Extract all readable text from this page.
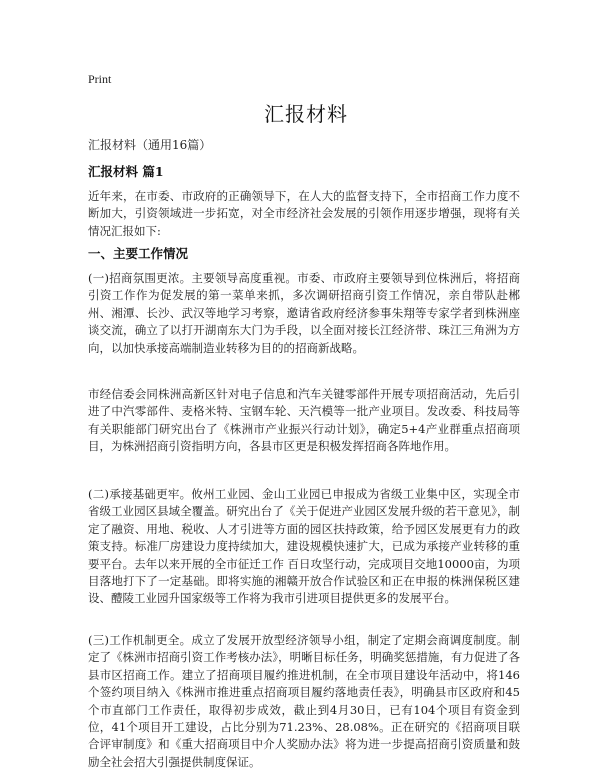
Print
汇报材料
汇报材料（通用16篇）
汇报材料 篇1
近年来，在市委、市政府的正确领导下，在人大的监督支持下，全市招商工作力度不断加大，引资领域进一步拓宽，对全市经济社会发展的引领作用逐步增强，现将有关情况汇报如下:
一、主要工作情况
(一)招商氛围更浓。主要领导高度重视。市委、市政府主要领导到位株洲后，将招商引资工作作为促发展的第一菜单来抓，多次调研招商引资工作情况，亲自带队赴郴州、湘潭、长沙、武汉等地学习考察，邀请省政府经济参事朱翔等专家学者到株洲座谈交流，确立了以打开湖南东大门为手段，以全面对接长江经济带、珠江三角洲为方向，以加快承接高端制造业转移为目的的招商新战略。
市经信委会同株洲高新区针对电子信息和汽车关键零部件开展专项招商活动，先后引进了中汽零部件、麦格米特、宝钢车轮、天汽模等一批产业项目。发改委、科技局等有关职能部门研究出台了《株洲市产业振兴行动计划》，确定5+4产业群重点招商项目，为株洲招商引资指明方向，各县市区更是积极发挥招商各阵地作用。
(二)承接基础更牢。攸州工业园、金山工业园已申报成为省级工业集中区，实现全市省级工业园区县域全覆盖。研究出台了《关于促进产业园区发展升级的若干意见》，制定了融资、用地、税收、人才引进等方面的园区扶持政策，给予园区发展更有力的政策支持。标准厂房建设力度持续加大，建设规模快速扩大，已成为承接产业转移的重要平台。去年以来开展的全市征迁工作 百日攻坚行动，完成项目交地10000亩，为项目落地打下了一定基础。即将实施的湘赣开放合作试验区和正在申报的株洲保税区建设、醴陵工业园升国家级等工作将为我市引进项目提供更多的发展平台。
(三)工作机制更全。成立了发展开放型经济领导小组，制定了定期会商调度制度。制定了《株洲市招商引资工作考核办法》，明晰目标任务，明确奖惩措施，有力促进了各县市区招商工作。建立了招商项目履约推进机制，在全市项目建设年活动中，将146个签约项目纳入《株洲市推进重点招商项目履约落地责任表》，明确县市区政府和45个市直部门工作责任，取得初步成效，截止到4月30日，已有104个项目有资金到位，41个项目开工建设，占比分别为71.23%、28.08%。正在研究的《招商项目联合评审制度》和《重大招商项目中介人奖励办法》将为进一步提高招商引资质量和鼓励全社会招大引强提供制度保证。
